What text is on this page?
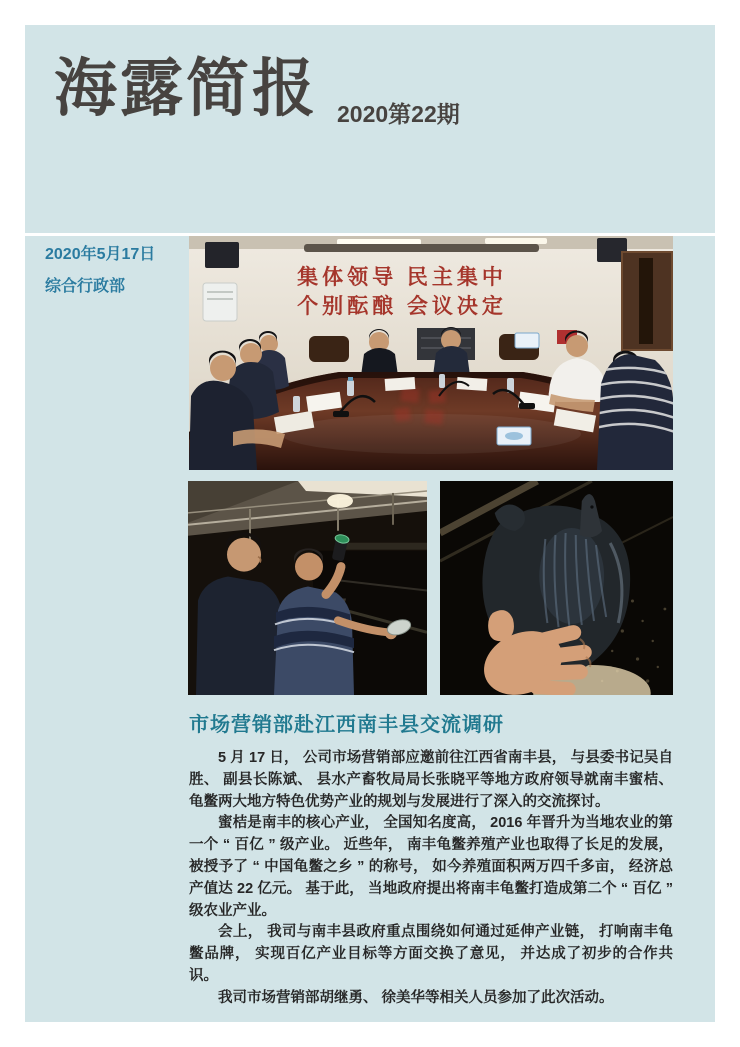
海露简报 2020第22期
2020年5月17日
综合行政部	集体领导 民主集中
个别酝酿 会议决定
市场营销部赴江西南丰县交流调研

5 月 17 日， 公司市场营销部应邀前往江西省南丰县， 与县委书记吴自胜、 副县长陈斌、 县水产畜牧局局长张晓平等地方政府领导就南丰蜜桔、 龟鳖两大地方特色优势产业的规划与发展进行了深入的交流探讨。

蜜桔是南丰的核心产业， 全国知名度高， 2016 年晋升为当地农业的第一个 “ 百亿 ” 级产业。 近些年， 南丰龟鳖养殖产业也取得了长足的发展， 被授予了 “ 中国龟鳖之乡 ” 的称号， 如今养殖面积两万四千多亩， 经济总产值达 22 亿元。 基于此， 当地政府提出将南丰龟鳖打造成第二个 “ 百亿 ” 级农业产业。

会上， 我司与南丰县政府重点围绕如何通过延伸产业链， 打响南丰龟鳖品牌， 实现百亿产业目标等方面交换了意见， 并达成了初步的合作共识。

我司市场营销部胡继勇、 徐美华等相关人员参加了此次活动。
